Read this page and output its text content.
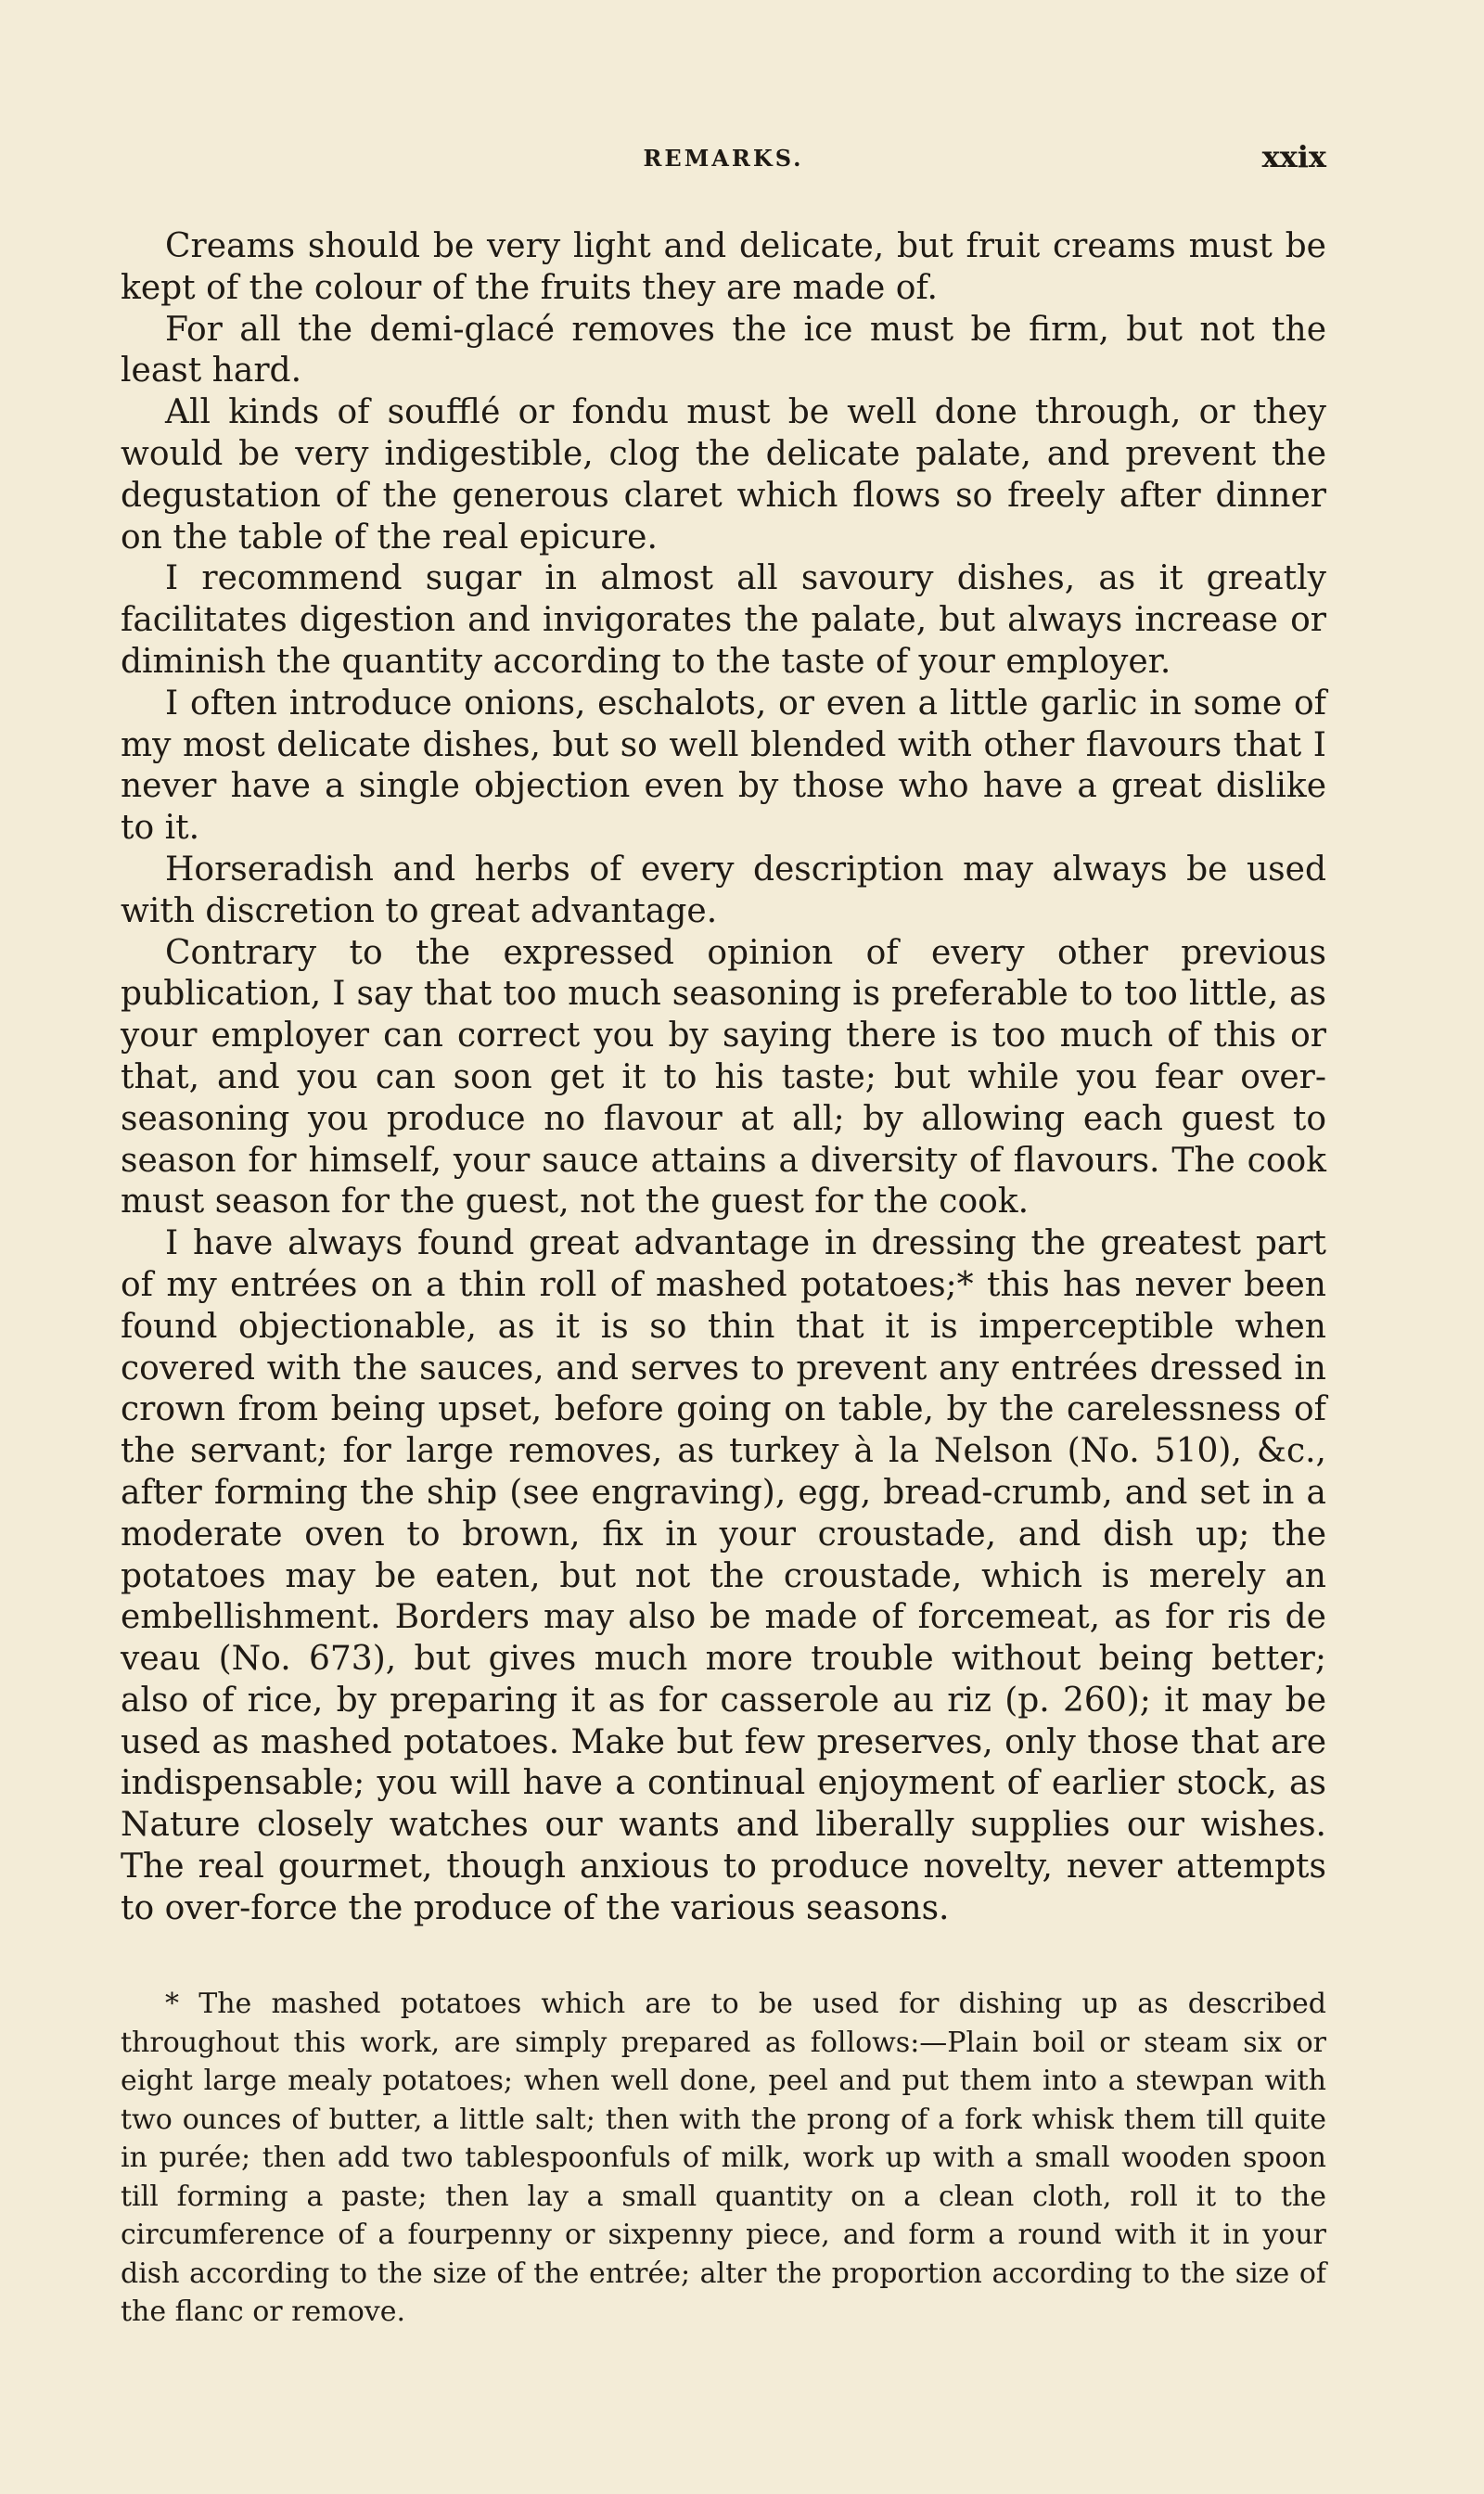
REMARKS.	xxix

Creams should be very light and delicate, but fruit creams must be kept of the colour of the fruits they are made of.

For all the demi-glacé removes the ice must be firm, but not the least hard.

All kinds of soufflé or fondu must be well done through, or they would be very indigestible, clog the delicate palate, and prevent the degustation of the generous claret which flows so freely after dinner on the table of the real epicure.

I recommend sugar in almost all savoury dishes, as it greatly facilitates digestion and invigorates the palate, but always increase or diminish the quantity according to the taste of your employer.

I often introduce onions, eschalots, or even a little garlic in some of my most delicate dishes, but so well blended with other flavours that I never have a single objection even by those who have a great dislike to it.

Horseradish and herbs of every description may always be used with discretion to great advantage.

Contrary to the expressed opinion of every other previous publication, I say that too much seasoning is preferable to too little, as your employer can correct you by saying there is too much of this or that, and you can soon get it to his taste; but while you fear over-seasoning you produce no flavour at all; by allowing each guest to season for himself, your sauce attains a diversity of flavours. The cook must season for the guest, not the guest for the cook.

I have always found great advantage in dressing the greatest part of my entrées on a thin roll of mashed potatoes;* this has never been found objectionable, as it is so thin that it is imperceptible when covered with the sauces, and serves to prevent any entrées dressed in crown from being upset, before going on table, by the carelessness of the servant; for large removes, as turkey à la Nelson (No. 510), &c., after forming the ship (see engraving), egg, bread-crumb, and set in a moderate oven to brown, fix in your croustade, and dish up; the potatoes may be eaten, but not the croustade, which is merely an embellishment. Borders may also be made of forcemeat, as for ris de veau (No. 673), but gives much more trouble without being better; also of rice, by preparing it as for casserole au riz (p. 260); it may be used as mashed potatoes. Make but few preserves, only those that are indispensable; you will have a continual enjoyment of earlier stock, as Nature closely watches our wants and liberally supplies our wishes. The real gourmet, though anxious to produce novelty, never attempts to over-force the produce of the various seasons.

* The mashed potatoes which are to be used for dishing up as described throughout this work, are simply prepared as follows:—Plain boil or steam six or eight large mealy potatoes; when well done, peel and put them into a stewpan with two ounces of butter, a little salt; then with the prong of a fork whisk them till quite in purée; then add two tablespoonfuls of milk, work up with a small wooden spoon till forming a paste; then lay a small quantity on a clean cloth, roll it to the circumference of a fourpenny or sixpenny piece, and form a round with it in your dish according to the size of the entrée; alter the proportion according to the size of the flanc or remove.
